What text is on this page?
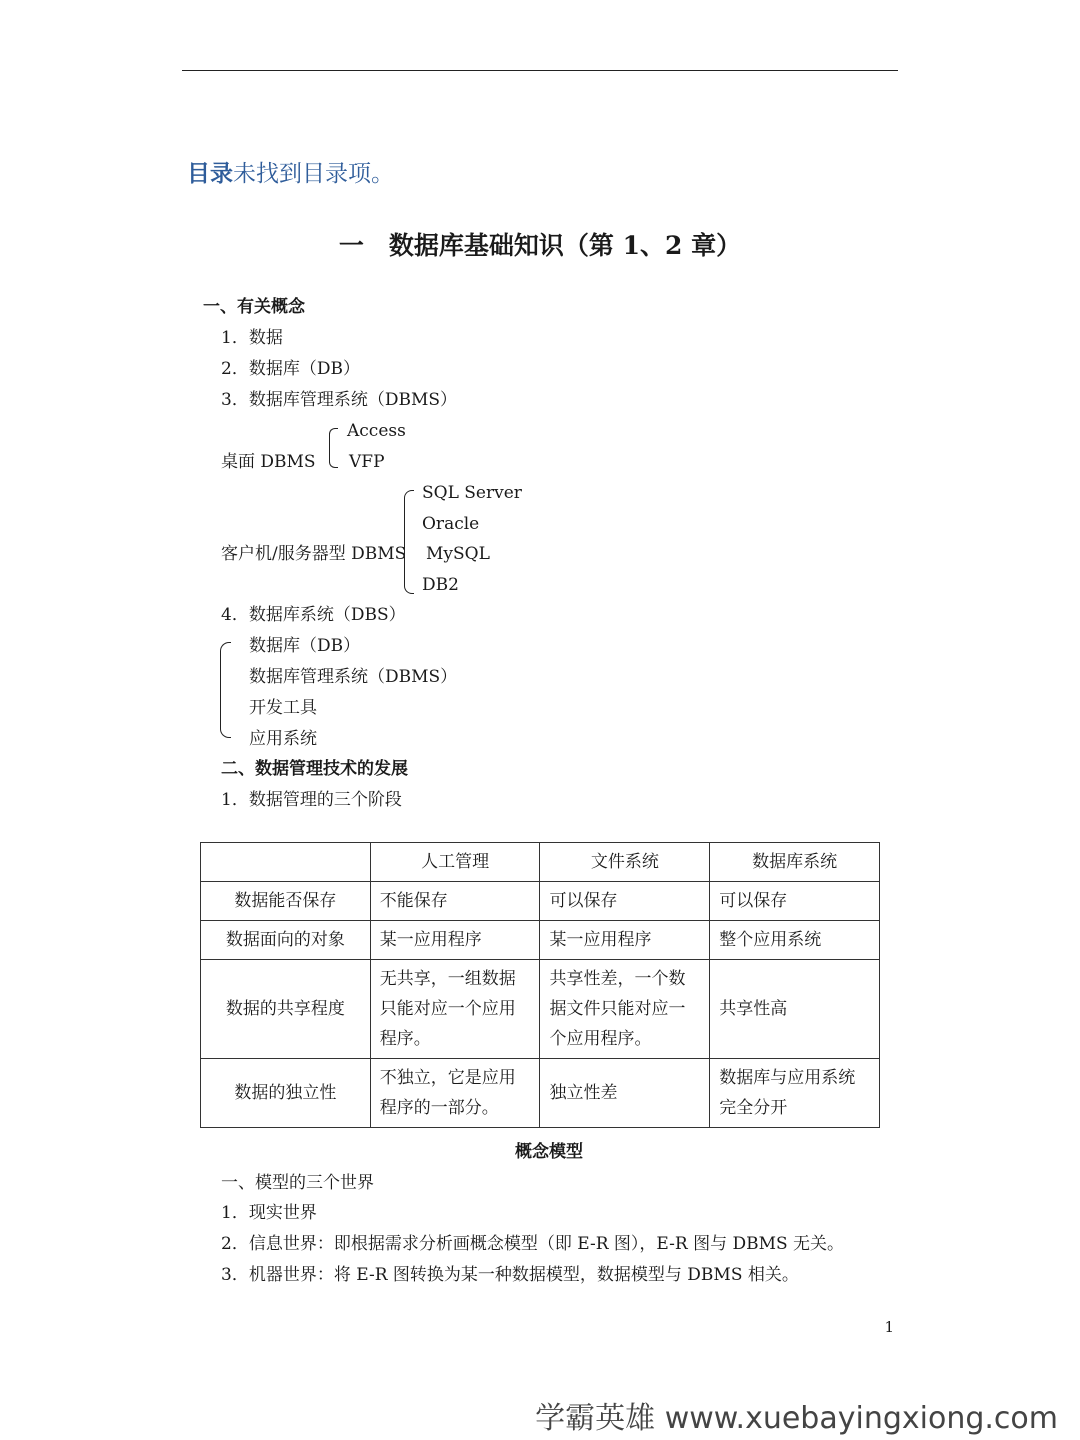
目录未找到目录项。
一　数据库基础知识（第 1、2 章）
一、有关概念
1．数据
2．数据库（DB）
3．数据库管理系统（DBMS）
桌面 DBMS
Access
VFP
客户机/服务器型 DBMS
SQL Server
Oracle
MySQL
DB2
4．数据库系统（DBS）
数据库（DB）
数据库管理系统（DBMS）
开发工具
应用系统
二、数据管理技术的发展
1．数据管理的三个阶段
	人工管理	文件系统	数据库系统
数据能否保存	不能保存	可以保存	可以保存
数据面向的对象	某一应用程序	某一应用程序	整个应用系统
数据的共享程度	无共享，一组数据只能对应一个应用程序。	共享性差，一个数据文件只能对应一个应用程序。	共享性高
数据的独立性	不独立，它是应用程序的一部分。	独立性差	数据库与应用系统完全分开
概念模型
一、模型的三个世界
1．现实世界
2．信息世界：即根据需求分析画概念模型（即 E-R 图），E-R 图与 DBMS 无关。
3．机器世界：将 E-R 图转换为某一种数据模型，数据模型与 DBMS 相关。
1
学霸英雄 www.xuebayingxiong.com
